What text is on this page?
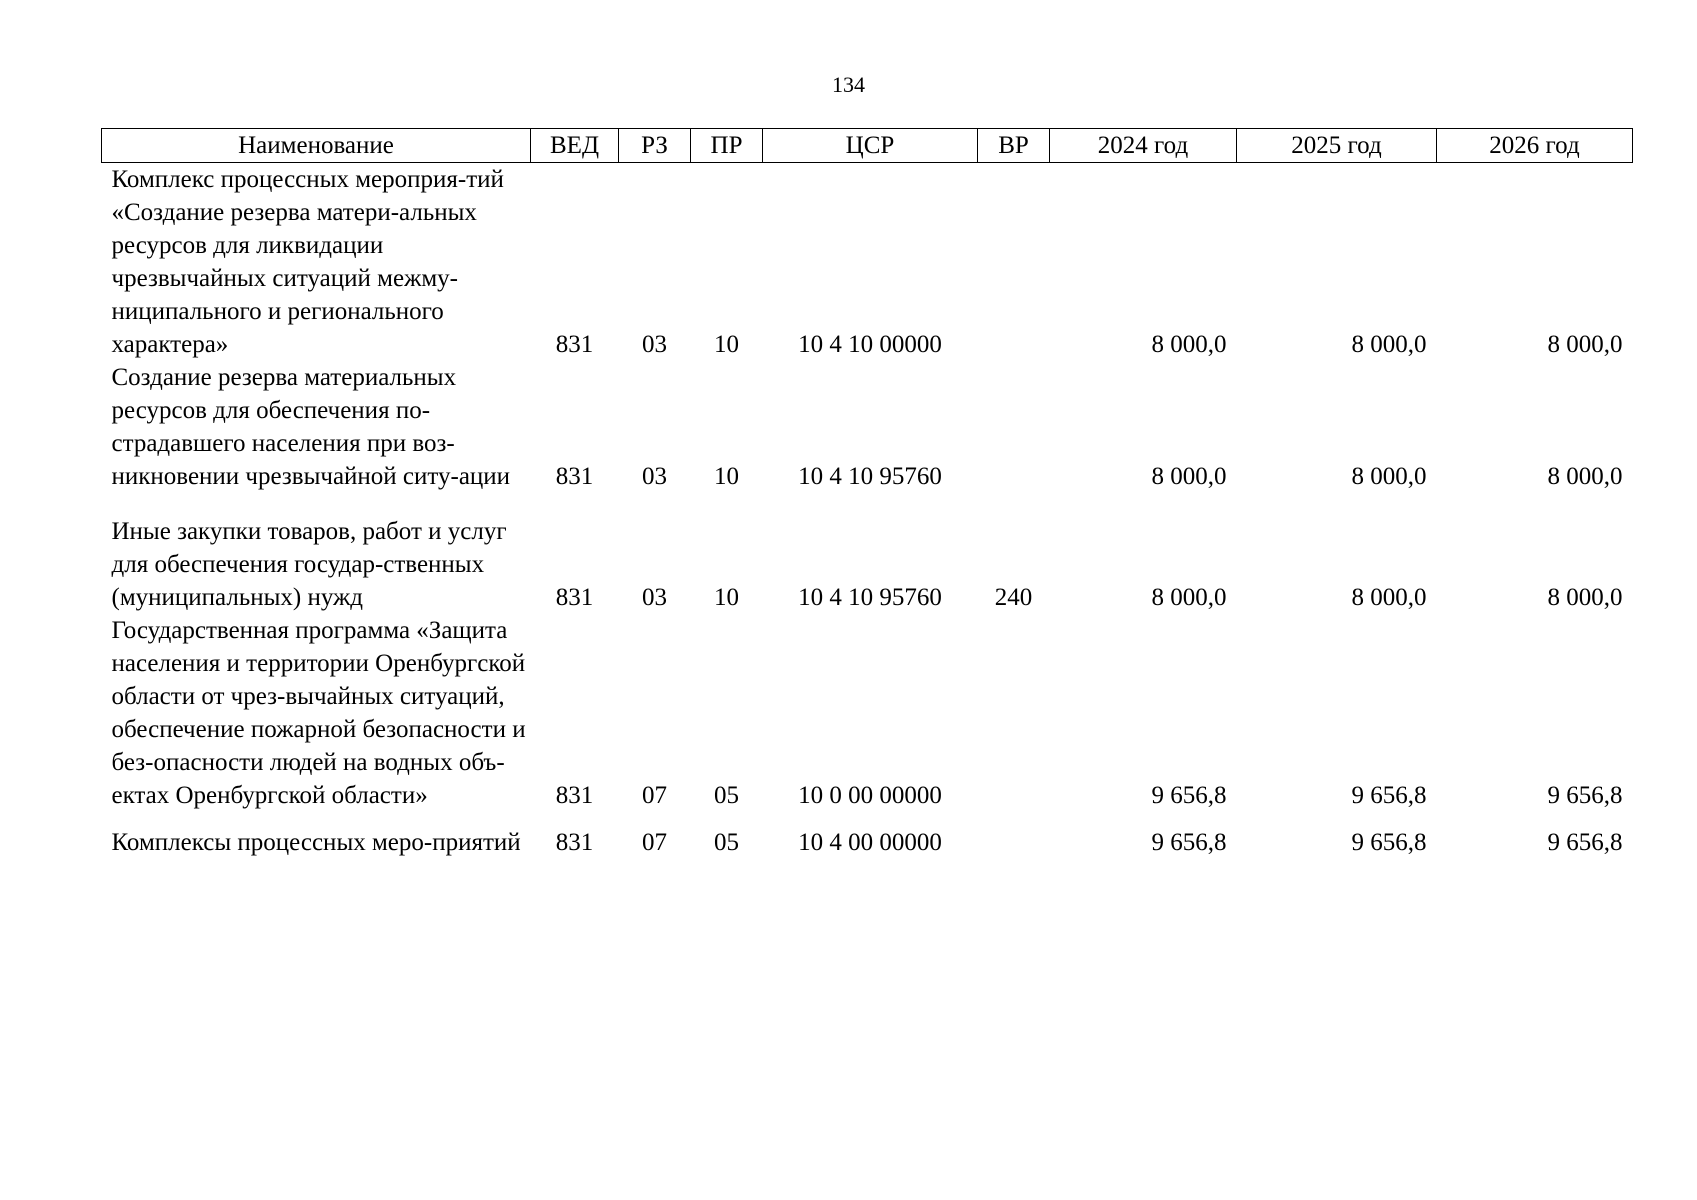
134
Наименование	ВЕД	РЗ	ПР	ЦСР	ВР	2024 год	2025 год	2026 год
Комплекс процессных мероприя-тий «Создание резерва матери-альных ресурсов для ликвидации чрезвычайных ситуаций межму-ниципального и регионального характера»	831	03	10	10 4 10 00000		8 000,0	8 000,0	8 000,0
Создание резерва материальных ресурсов для обеспечения по-страдавшего населения при воз-никновении чрезвычайной ситу-ации	831	03	10	10 4 10 95760		8 000,0	8 000,0	8 000,0
Иные закупки товаров, работ и услуг для обеспечения государ-ственных (муниципальных) нужд	831	03	10	10 4 10 95760	240	8 000,0	8 000,0	8 000,0
Государственная программа «Защита населения и территории Оренбургской области от чрез-вычайных ситуаций, обеспечение пожарной безопасности и без-опасности людей на водных объ-ектах Оренбургской области»	831	07	05	10 0 00 00000		9 656,8	9 656,8	9 656,8
Комплексы процессных меро-приятий	831	07	05	10 4 00 00000		9 656,8	9 656,8	9 656,8
